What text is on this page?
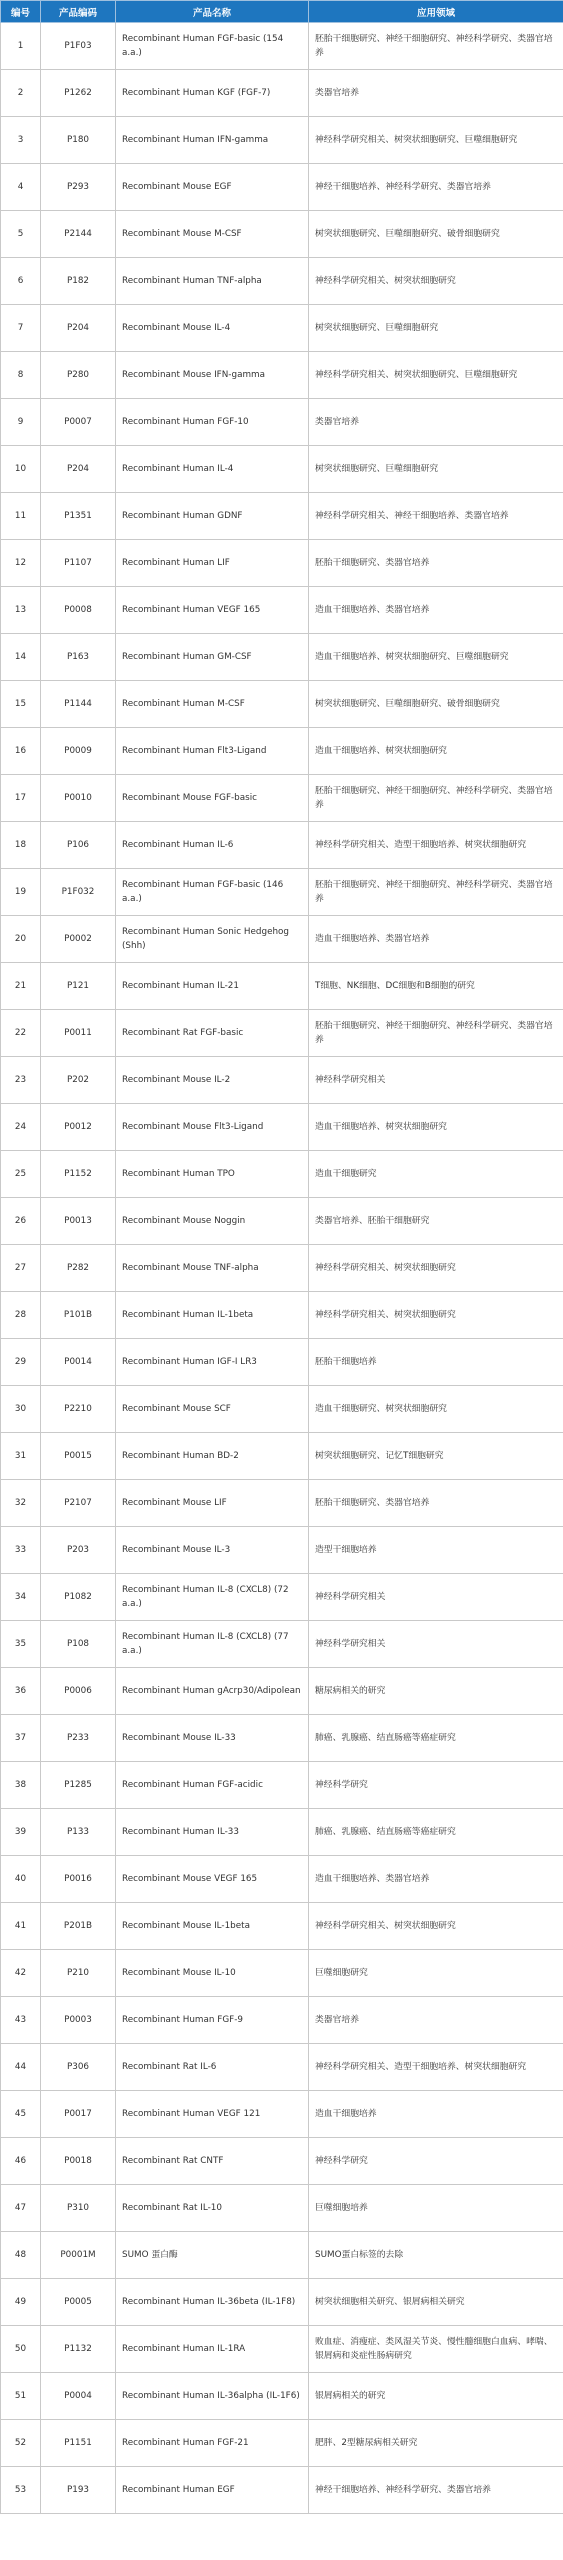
编号	产品编码	产品名称	应用领域
1	P1F03	Recombinant Human FGF-basic (154 a.a.)	胚胎干细胞研究、神经干细胞研究、神经科学研究、类器官培养
2	P1262	Recombinant Human KGF (FGF-7)	类器官培养
3	P180	Recombinant Human IFN-gamma	神经科学研究相关、树突状细胞研究、巨噬细胞研究
4	P293	Recombinant Mouse EGF	神经干细胞培养、神经科学研究、类器官培养
5	P2144	Recombinant Mouse M-CSF	树突状细胞研究、巨噬细胞研究、破骨细胞研究
6	P182	Recombinant Human TNF-alpha	神经科学研究相关、树突状细胞研究
7	P204	Recombinant Mouse IL-4	树突状细胞研究、巨噬细胞研究
8	P280	Recombinant Mouse IFN-gamma	神经科学研究相关、树突状细胞研究、巨噬细胞研究
9	P0007	Recombinant Human FGF-10	类器官培养
10	P204	Recombinant Human IL-4	树突状细胞研究、巨噬细胞研究
11	P1351	Recombinant Human GDNF	神经科学研究相关、神经干细胞培养、类器官培养
12	P1107	Recombinant Human LIF	胚胎干细胞研究、类器官培养
13	P0008	Recombinant Human VEGF 165	造血干细胞培养、类器官培养
14	P163	Recombinant Human GM-CSF	造血干细胞培养、树突状细胞研究、巨噬细胞研究
15	P1144	Recombinant Human M-CSF	树突状细胞研究、巨噬细胞研究、破骨细胞研究
16	P0009	Recombinant Human Flt3-Ligand	造血干细胞培养、树突状细胞研究
17	P0010	Recombinant Mouse FGF-basic	胚胎干细胞研究、神经干细胞研究、神经科学研究、类器官培养
18	P106	Recombinant Human IL-6	神经科学研究相关、造型干细胞培养、树突状细胞研究
19	P1F032	Recombinant Human FGF-basic (146 a.a.)	胚胎干细胞研究、神经干细胞研究、神经科学研究、类器官培养
20	P0002	Recombinant Human Sonic Hedgehog (Shh)	造血干细胞培养、类器官培养
21	P121	Recombinant Human IL-21	T细胞、NK细胞、DC细胞和B细胞的研究
22	P0011	Recombinant Rat FGF-basic	胚胎干细胞研究、神经干细胞研究、神经科学研究、类器官培养
23	P202	Recombinant Mouse IL-2	神经科学研究相关
24	P0012	Recombinant Mouse Flt3-Ligand	造血干细胞培养、树突状细胞研究
25	P1152	Recombinant Human TPO	造血干细胞研究
26	P0013	Recombinant Mouse Noggin	类器官培养、胚胎干细胞研究
27	P282	Recombinant Mouse TNF-alpha	神经科学研究相关、树突状细胞研究
28	P101B	Recombinant Human IL-1beta	神经科学研究相关、树突状细胞研究
29	P0014	Recombinant Human IGF-I LR3	胚胎干细胞培养
30	P2210	Recombinant Mouse SCF	造血干细胞研究、树突状细胞研究
31	P0015	Recombinant Human BD-2	树突状细胞研究、记忆T细胞研究
32	P2107	Recombinant Mouse LIF	胚胎干细胞研究、类器官培养
33	P203	Recombinant Mouse IL-3	造型干细胞培养
34	P1082	Recombinant Human IL-8 (CXCL8) (72 a.a.)	神经科学研究相关
35	P108	Recombinant Human IL-8 (CXCL8) (77 a.a.)	神经科学研究相关
36	P0006	Recombinant Human gAcrp30/Adipolean	糖尿病相关的研究
37	P233	Recombinant Mouse IL-33	肺癌、乳腺癌、结直肠癌等癌症研究
38	P1285	Recombinant Human FGF-acidic	神经科学研究
39	P133	Recombinant Human IL-33	肺癌、乳腺癌、结直肠癌等癌症研究
40	P0016	Recombinant Mouse VEGF 165	造血干细胞培养、类器官培养
41	P201B	Recombinant Mouse IL-1beta	神经科学研究相关、树突状细胞研究
42	P210	Recombinant Mouse IL-10	巨噬细胞研究
43	P0003	Recombinant Human FGF-9	类器官培养
44	P306	Recombinant Rat IL-6	神经科学研究相关、造型干细胞培养、树突状细胞研究
45	P0017	Recombinant Human VEGF 121	造血干细胞培养
46	P0018	Recombinant Rat CNTF	神经科学研究
47	P310	Recombinant Rat IL-10	巨噬细胞培养
48	P0001M	SUMO 蛋白酶	SUMO蛋白标签的去除
49	P0005	Recombinant Human IL-36beta (IL-1F8)	树突状细胞相关研究、银屑病相关研究
50	P1132	Recombinant Human IL-1RA	败血症、消瘦症、类风湿关节炎、慢性髓细胞白血病、哮喘、银屑病和炎症性肠病研究
51	P0004	Recombinant Human IL-36alpha (IL-1F6)	银屑病相关的研究
52	P1151	Recombinant Human FGF-21	肥胖、2型糖尿病相关研究
53	P193	Recombinant Human EGF	神经干细胞培养、神经科学研究、类器官培养
